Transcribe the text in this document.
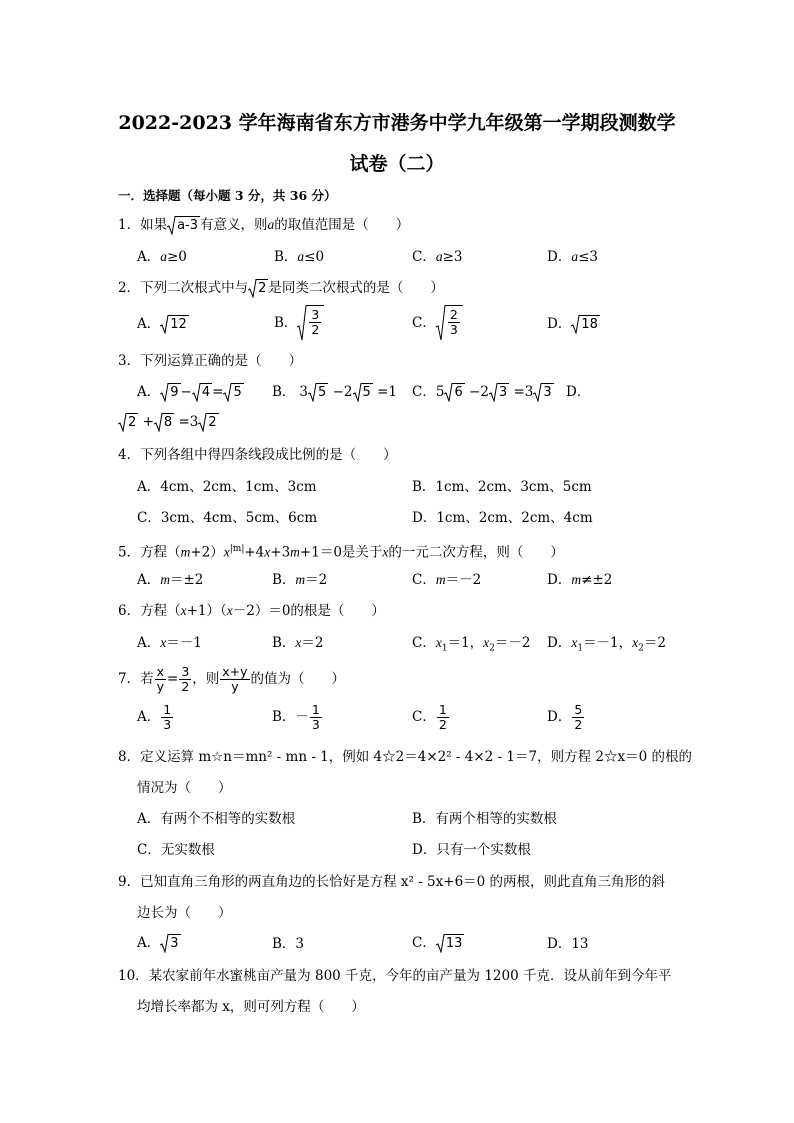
2022-2023 学年海南省东方市港务中学九年级第一学期段测数学
试卷（二）
一．选择题（每小题 3 分，共 36 分）
1．如果 a-3 有意义，则a的取值范围是（　　）
A．a≥0	B．a≤0	C．a≥3	D．a≤3
2．下列二次根式中与 2 是同类二次根式的是（　　）
A． 12	B． $\frac{3}{2}$	C． $\frac{2}{3}$	D． 18
3．下列运算正确的是（　　）
A． 9 − 4 = 5 B． 3 5 −2 5 =1 C．5 6 −2 3 =3 3 D．
2 + 8 =3 2
4．下列各组中得四条线段成比例的是（　　）
A．4cm、2cm、1cm、3cm	B．1cm、2cm、3cm、5cm
C．3cm、4cm、5cm、6cm	D．1cm、2cm、2cm、4cm
5．方程$(m+2)x^{|m|}+4x+3m+1=0$是关于x的一元二次方程，则（　　）
A．m＝±2	B．m＝2	C．m＝－2	D．m≠±2
6．方程（x+1）（x－2）＝0的根是（　　）
A．x＝－1	B．x＝2	C．$x_1=1$，$x_2=-2$ D．$x_1=-1$，$x_2=2$
7．若 $\frac{x}{y} = \frac{3}{2}$ ，则 $\frac{x+y}{y}$ 的值为（　　）
A． $\frac{1}{3}$	B．－ $\frac{1}{3}$	C． $\frac{1}{2}$	D． $\frac{5}{2}$
8．定义运算 m☆n＝mn² - mn - 1，例如 4☆2＝4×2² - 4×2 - 1＝7，则方程 2☆x＝0 的根的
情况为（　　）
A．有两个不相等的实数根	B．有两个相等的实数根
C．无实数根	D．只有一个实数根
9．已知直角三角形的两直角边的长恰好是方程 x² - 5x+6＝0 的两根，则此直角三角形的斜
边长为（　　）
A． 3	B．3	C． 13	D．13
10．某农家前年水蜜桃亩产量为 800 千克，今年的亩产量为 1200 千克．设从前年到今年平
均增长率都为 x，则可列方程（　　）
